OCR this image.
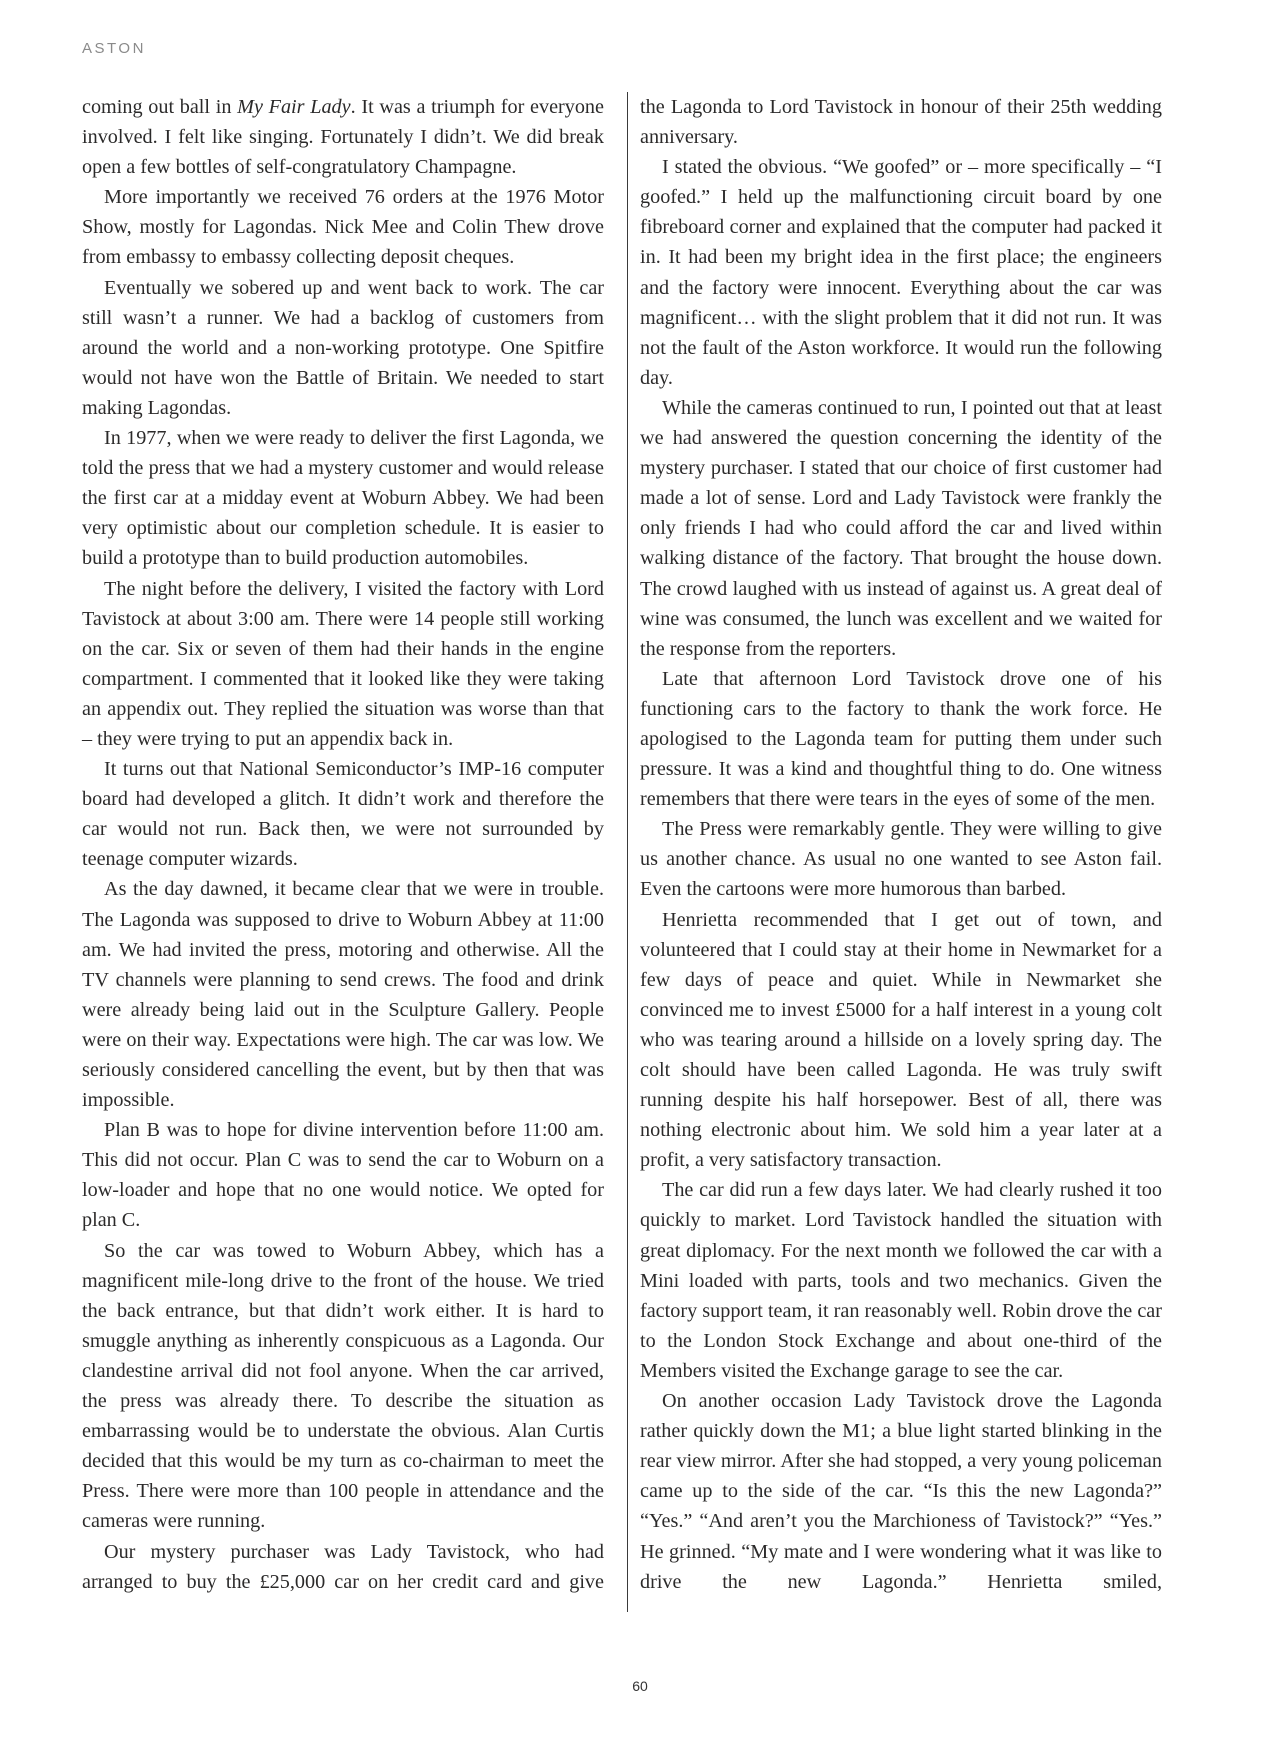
ASTON

coming out ball in My Fair Lady. It was a triumph for everyone involved. I felt like singing. Fortunately I didn’t. We did break open a few bottles of self-congratulatory Champagne.

More importantly we received 76 orders at the 1976 Motor Show, mostly for Lagondas. Nick Mee and Colin Thew drove from embassy to embassy collecting deposit cheques.

Eventually we sobered up and went back to work. The car still wasn’t a runner. We had a backlog of customers from around the world and a non-working prototype. One Spitfire would not have won the Battle of Britain. We needed to start making Lagondas.

In 1977, when we were ready to deliver the first Lagonda, we told the press that we had a mystery customer and would release the first car at a midday event at Woburn Abbey. We had been very optimistic about our completion schedule. It is easier to build a prototype than to build production automobiles.

The night before the delivery, I visited the factory with Lord Tavistock at about 3:00 am. There were 14 people still working on the car. Six or seven of them had their hands in the engine compartment. I commented that it looked like they were taking an appendix out. They replied the situation was worse than that – they were trying to put an appendix back in.

It turns out that National Semiconductor’s IMP-16 computer board had developed a glitch. It didn’t work and therefore the car would not run. Back then, we were not surrounded by teenage computer wizards.

As the day dawned, it became clear that we were in trouble. The Lagonda was supposed to drive to Woburn Abbey at 11:00 am. We had invited the press, motoring and otherwise. All the TV channels were planning to send crews. The food and drink were already being laid out in the Sculpture Gallery. People were on their way. Expectations were high. The car was low. We seriously considered cancelling the event, but by then that was impossible.

Plan B was to hope for divine intervention before 11:00 am. This did not occur. Plan C was to send the car to Woburn on a low-loader and hope that no one would notice. We opted for plan C.

So the car was towed to Woburn Abbey, which has a magnificent mile-long drive to the front of the house. We tried the back entrance, but that didn’t work either. It is hard to smuggle anything as inherently conspicuous as a Lagonda. Our clandestine arrival did not fool anyone. When the car arrived, the press was already there. To describe the situation as embarrassing would be to understate the obvious. Alan Curtis decided that this would be my turn as co-chairman to meet the Press. There were more than 100 people in attendance and the cameras were running.

Our mystery purchaser was Lady Tavistock, who had arranged to buy the £25,000 car on her credit card and give

the Lagonda to Lord Tavistock in honour of their 25th wedding anniversary.

I stated the obvious. “We goofed” or – more specifically – “I goofed.” I held up the malfunctioning circuit board by one fibreboard corner and explained that the computer had packed it in. It had been my bright idea in the first place; the engineers and the factory were innocent. Everything about the car was magnificent… with the slight problem that it did not run. It was not the fault of the Aston workforce. It would run the following day.

While the cameras continued to run, I pointed out that at least we had answered the question concerning the identity of the mystery purchaser. I stated that our choice of first customer had made a lot of sense. Lord and Lady Tavistock were frankly the only friends I had who could afford the car and lived within walking distance of the factory. That brought the house down. The crowd laughed with us instead of against us. A great deal of wine was consumed, the lunch was excellent and we waited for the response from the reporters.

Late that afternoon Lord Tavistock drove one of his functioning cars to the factory to thank the work force. He apologised to the Lagonda team for putting them under such pressure. It was a kind and thoughtful thing to do. One witness remembers that there were tears in the eyes of some of the men.

The Press were remarkably gentle. They were willing to give us another chance. As usual no one wanted to see Aston fail. Even the cartoons were more humorous than barbed.

Henrietta recommended that I get out of town, and volunteered that I could stay at their home in Newmarket for a few days of peace and quiet. While in Newmarket she convinced me to invest £5000 for a half interest in a young colt who was tearing around a hillside on a lovely spring day. The colt should have been called Lagonda. He was truly swift running despite his half horsepower. Best of all, there was nothing electronic about him. We sold him a year later at a profit, a very satisfactory transaction.

The car did run a few days later. We had clearly rushed it too quickly to market. Lord Tavistock handled the situation with great diplomacy. For the next month we followed the car with a Mini loaded with parts, tools and two mechanics. Given the factory support team, it ran reasonably well. Robin drove the car to the London Stock Exchange and about one-third of the Members visited the Exchange garage to see the car.

On another occasion Lady Tavistock drove the Lagonda rather quickly down the M1; a blue light started blinking in the rear view mirror. After she had stopped, a very young policeman came up to the side of the car. “Is this the new Lagonda?” “Yes.” “And aren’t you the Marchioness of Tavistock?” “Yes.” He grinned. “My mate and I were wondering what it was like to drive the new Lagonda.” Henrietta smiled,

60
